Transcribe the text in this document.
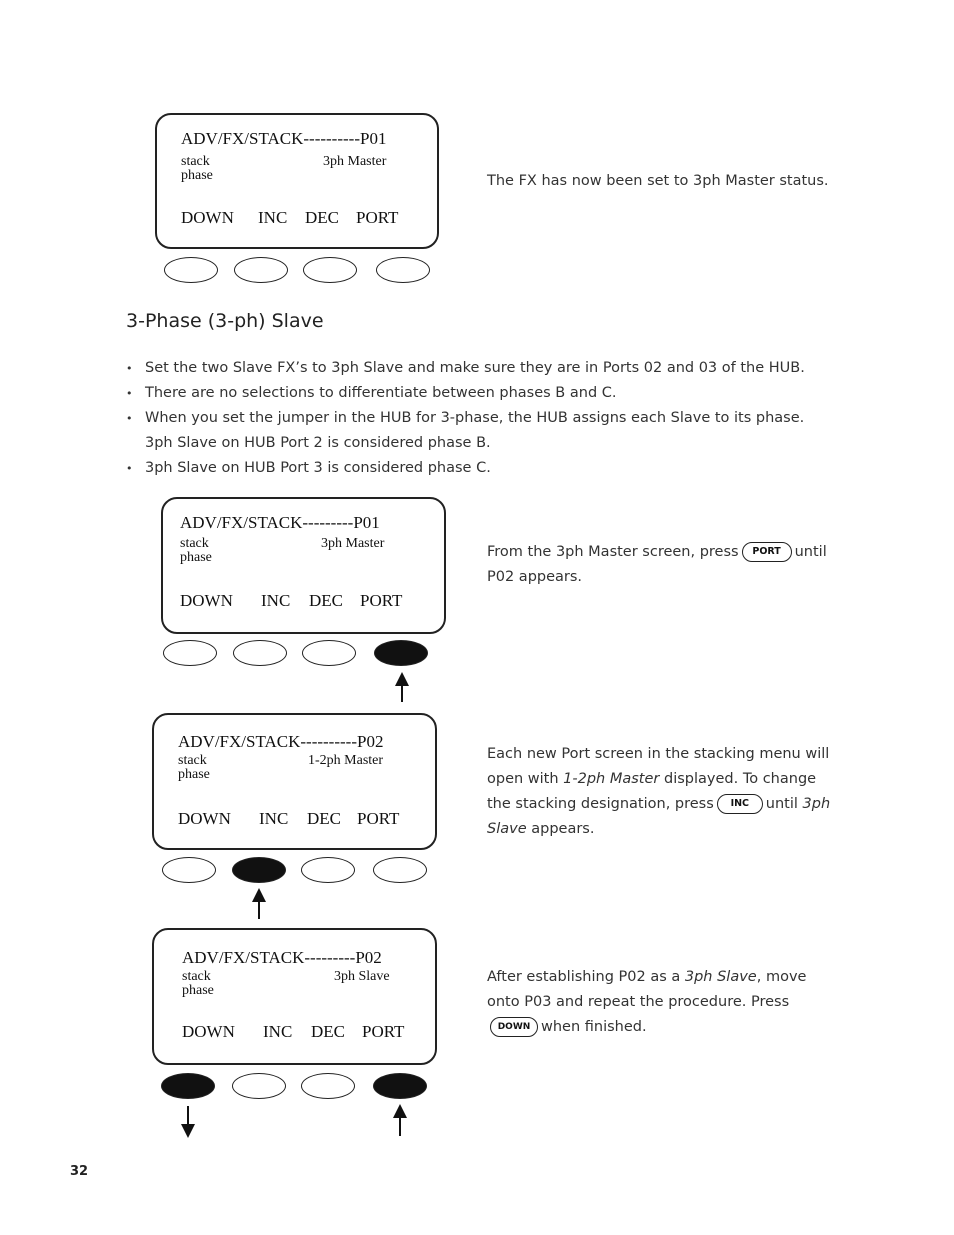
ADV/FX/STACK----------P01
stack
phase
3ph Master
DOWN INC DEC PORT
The FX has now been set to 3ph Master status.
3-Phase (3-ph) Slave
• Set the two Slave FX’s to 3ph Slave and make sure they are in Ports 02 and 03 of the HUB.
• There are no selections to differentiate between phases B and C.
• When you set the jumper in the HUB for 3-phase, the HUB assigns each Slave to its phase. 3ph Slave on HUB Port 2 is considered phase B.
• 3ph Slave on HUB Port 3 is considered phase C.
ADV/FX/STACK---------P01
stack
phase
3ph Master
DOWN INC DEC PORT
From the 3ph Master screen, press PORT until P02 appears.
ADV/FX/STACK----------P02
stack
phase
1-2ph Master
DOWN INC DEC PORT
Each new Port screen in the stacking menu will open with 1-2ph Master displayed. To change the stacking designation, press INC until 3ph Slave appears.
ADV/FX/STACK---------P02
stack
phase
3ph Slave
DOWN INC DEC PORT
After establishing P02 as a 3ph Slave, move onto P03 and repeat the procedure. PressDOWN when finished.
32
